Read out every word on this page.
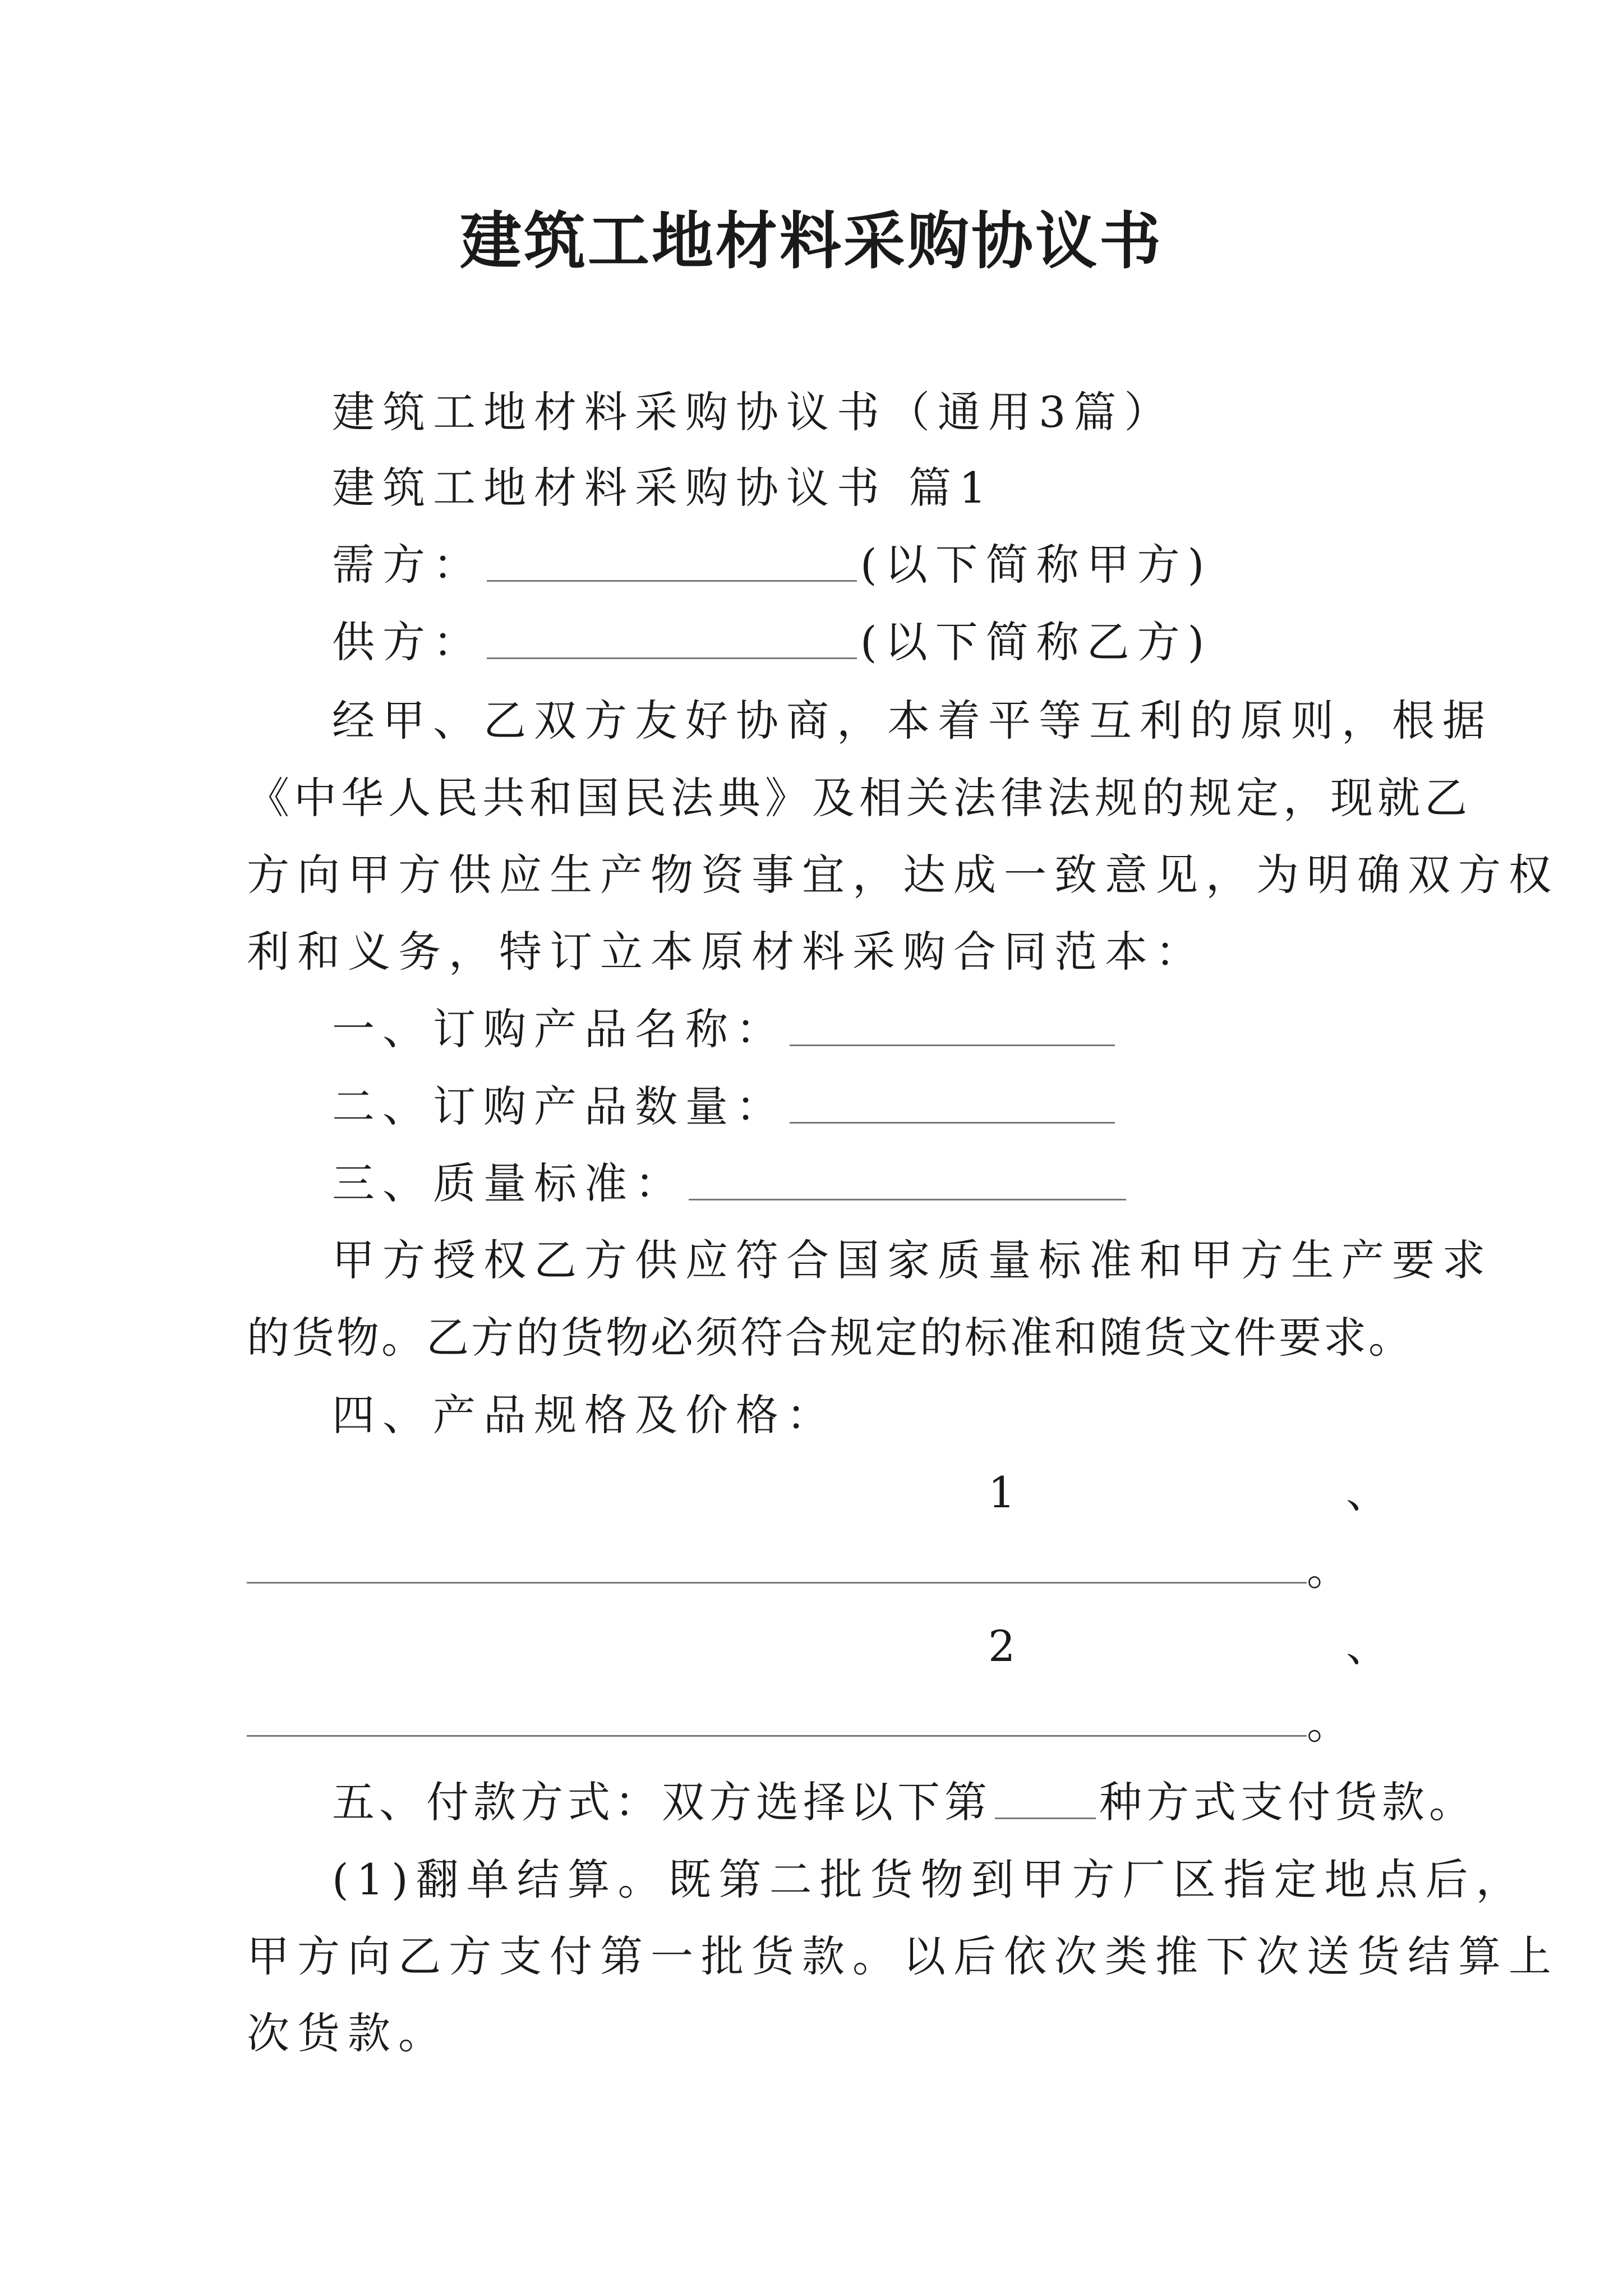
建筑工地材料采购协议书
建筑工地材料采购协议书（通用3篇）
建筑工地材料采购协议书 篇1
需方：	(以下简称甲方)
供方：	(以下简称乙方)
经甲、乙双方友好协商，本着平等互利的原则，根据
《中华人民共和国民法典》及相关法律法规的规定，现就乙
方向甲方供应生产物资事宜，达成一致意见，为明确双方权
利和义务，特订立本原材料采购合同范本：
一、订购产品名称：
二、订购产品数量：
三、质量标准：
甲方授权乙方供应符合国家质量标准和甲方生产要求
的货物。乙方的货物必须符合规定的标准和随货文件要求。
四、产品规格及价格：
1	、
。
2	、
。
五、付款方式：双方选择以下第	种方式支付货款。
(1)翻单结算。既第二批货物到甲方厂区指定地点后，
甲方向乙方支付第一批货款。以后依次类推下次送货结算上
次货款。
